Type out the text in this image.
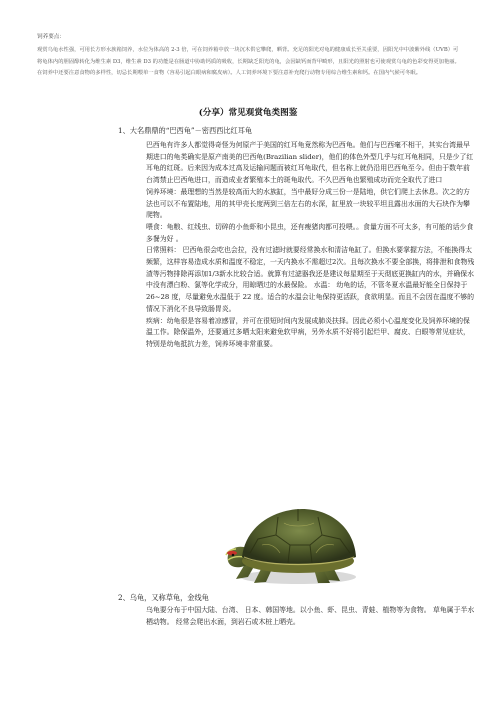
饲养要点：

观赏乌龟水性强，可用长方形水族箱饲养，水位为体高的 2-3 倍，可在饲养箱中放一块沉木供它攀爬，晒背。充足的阳光对龟的健康成长至关重要，因阳光中中波紫外线（UVB）可将龟体内的胆固醇转化为维生素 D3，维生素 D3 的功能是在肠道中协助钙质的吸收，长期缺乏阳光的龟，会因缺钙而背甲畸形，且阳光的照射也可使观赏乌龟的色彩变得更加艳丽。在饲养中还要注意食物的多样性，切忌长期喂单一食物（容易引起白眼病和腐皮病）。人工饲养环境下要注意补充爬行动物专用综合维生素和钙。在国内气候可冬眠。

(分享）常见观赏龟类图鉴
1、大名鼎鼎的“巴西龟”－密西西比红耳龟

巴西龟有许多人都觉得奇怪为何原产于美国的红耳龟竟然称为巴西龟。他们与巴西毫不相干，其实台湾最早期进口的龟类确实是原产南美的巴西龟(Brazilian slider)，他们的体色外型几乎与红耳龟相同，只是少了红耳龟的红斑。后来因为成本过高及运输问题而被红耳龟取代，但名称上就仍沿用巴西龟至今。但由于数年前台湾禁止巴西龟进口，而造成业者繁殖本土的斑龟取代。不久巴西龟也繁殖成功而完全取代了进口

饲养环境：最理想的当然是较高而大的水族缸，当中最好分成三份一是陆地，供它们爬上去休息。次之的方法也可以不布置陆地，用的其甲壳长度两到三倍左右的水深，缸里放一块较平坦且露出水面的大石块作为攀爬物。

喂食：龟粮、红线虫、切碎的小鱼虾和小昆虫，还有瘦猪肉都可投喂。。食量方面不可太多，有可能的话少食多餐为好 。

日常照料： 巴西龟很会吃也会拉，没有过滤时就要经常换水和清洁龟缸了。但换水要掌握方法，不能换得太频繁，这样容易造成水质和温度不稳定，一天内换水不需超过2次。且每次换水不要全部换，将排泄和食物残渣等污物排除再添加1/3新水比较合适。就算有过滤器我还是建议每星期至于天彻底更换缸内的水，并确保水中没有漂白粉、氯等化学成分，用晾晒过的水最保险。 水温： 幼龟的话，不管冬夏水温最好能全日保持于 26~28 度，尽量避免水温低于 22 度。适合的水温会让龟保持更活跃，食欲明显。而且不会因在温度不够的情况下消化不良导致肠胃炎。

疾病：幼龟很是容易着凉感冒，并可在很短时间内发展成肺炎扶择。因此必须小心温度变化及饲养环境的保温工作。除保温外，还要通过多晒太阳来避免软甲病，另外水质不好将引起烂甲、腐皮、白眼等常见症状，特别是幼龟抵抗力差，饲养环境非常重要。

2、乌龟，又称草龟，金线龟

乌龟要分布于中国大陆、台湾、 日本、韩国等地。以小鱼、虾、昆虫、青蛙、植物等为食物。 草龟属于半水栖动物。 经常会爬出水面，到岩石或木桩上晒壳。
